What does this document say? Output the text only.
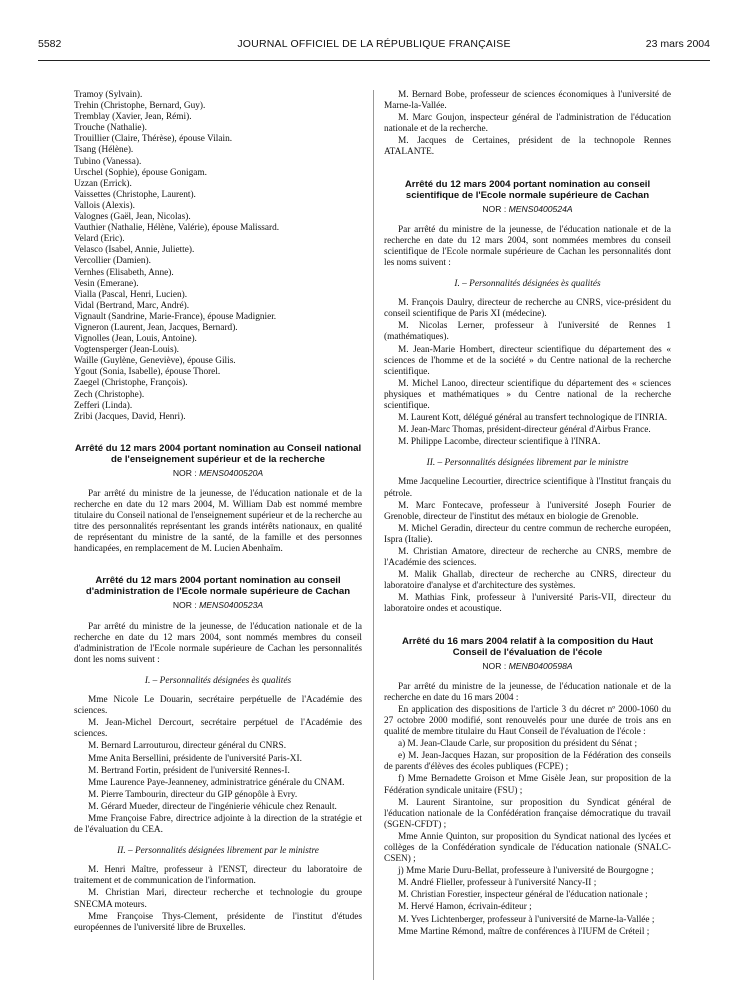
5582	JOURNAL OFFICIEL DE LA RÉPUBLIQUE FRANÇAISE	23 mars 2004
Tramoy (Sylvain).
Trehin (Christophe, Bernard, Guy).
Tremblay (Xavier, Jean, Rémi).
Trouche (Nathalie).
Trouillier (Claire, Thérèse), épouse Vilain.
Tsang (Hélène).
Tubino (Vanessa).
Urschel (Sophie), épouse Gonigam.
Uzzan (Errick).
Vaissettes (Christophe, Laurent).
Vallois (Alexis).
Valognes (Gaël, Jean, Nicolas).
Vauthier (Nathalie, Hélène, Valérie), épouse Malissard.
Velard (Eric).
Velasco (Isabel, Annie, Juliette).
Vercollier (Damien).
Vernhes (Elisabeth, Anne).
Vesin (Emerane).
Vialla (Pascal, Henri, Lucien).
Vidal (Bertrand, Marc, André).
Vignault (Sandrine, Marie-France), épouse Madignier.
Vigneron (Laurent, Jean, Jacques, Bernard).
Vignolles (Jean, Louis, Antoine).
Vogtensperger (Jean-Louis).
Waille (Guylène, Geneviève), épouse Gilis.
Ygout (Sonia, Isabelle), épouse Thorel.
Zaegel (Christophe, François).
Zech (Christophe).
Zefferi (Linda).
Zribi (Jacques, David, Henri).
Arrêté du 12 mars 2004 portant nomination au Conseil national de l'enseignement supérieur et de la recherche
NOR : MENS0400520A

Par arrêté du ministre de la jeunesse, de l'éducation nationale et de la recherche en date du 12 mars 2004, M. William Dab est nommé membre titulaire du Conseil national de l'enseignement supérieur et de la recherche au titre des personnalités représentant les grands intérêts nationaux, en qualité de représentant du ministre de la santé, de la famille et des personnes handicapées, en remplacement de M. Lucien Abenhaïm.

Arrêté du 12 mars 2004 portant nomination au conseil d'administration de l'Ecole normale supérieure de Cachan
NOR : MENS0400523A

Par arrêté du ministre de la jeunesse, de l'éducation nationale et de la recherche en date du 12 mars 2004, sont nommés membres du conseil d'administration de l'Ecole normale supérieure de Cachan les personnalités dont les noms suivent :

I. – Personnalités désignées ès qualités
Mme Nicole Le Douarin, secrétaire perpétuelle de l'Académie des sciences.
M. Jean-Michel Dercourt, secrétaire perpétuel de l'Académie des sciences.
M. Bernard Larrouturou, directeur général du CNRS.
Mme Anita Bersellini, présidente de l'université Paris-XI.
M. Bertrand Fortin, président de l'université Rennes-I.
Mme Laurence Paye-Jeanneney, administratrice générale du CNAM.
M. Pierre Tambourin, directeur du GIP génopôle à Evry.
M. Gérard Mueder, directeur de l'ingénierie véhicule chez Renault.
Mme Françoise Fabre, directrice adjointe à la direction de la stratégie et de l'évaluation du CEA.
II. – Personnalités désignées librement par le ministre
M. Henri Maître, professeur à l'ENST, directeur du laboratoire de traitement et de communication de l'information.
M. Christian Mari, directeur recherche et technologie du groupe SNECMA moteurs.
Mme Françoise Thys-Clement, présidente de l'institut d'études européennes de l'université libre de Bruxelles.
M. Bernard Bobe, professeur de sciences économiques à l'université de Marne-la-Vallée.
M. Marc Goujon, inspecteur général de l'administration de l'éducation nationale et de la recherche.
M. Jacques de Certaines, président de la technopole Rennes ATALANTE.
Arrêté du 12 mars 2004 portant nomination au conseil scientifique de l'Ecole normale supérieure de Cachan
NOR : MENS0400524A

Par arrêté du ministre de la jeunesse, de l'éducation nationale et de la recherche en date du 12 mars 2004, sont nommées membres du conseil scientifique de l'Ecole normale supérieure de Cachan les personnalités dont les noms suivent :

I. – Personnalités désignées ès qualités
M. François Daulry, directeur de recherche au CNRS, vice-président du conseil scientifique de Paris XI (médecine).
M. Nicolas Lerner, professeur à l'université de Rennes 1 (mathématiques).
M. Jean-Marie Hombert, directeur scientifique du département des « sciences de l'homme et de la société » du Centre national de la recherche scientifique.
M. Michel Lanoo, directeur scientifique du département des « sciences physiques et mathématiques » du Centre national de la recherche scientifique.
M. Laurent Kott, délégué général au transfert technologique de l'INRIA.
M. Jean-Marc Thomas, président-directeur général d'Airbus France.
M. Philippe Lacombe, directeur scientifique à l'INRA.
II. – Personnalités désignées librement par le ministre
Mme Jacqueline Lecourtier, directrice scientifique à l'Institut français du pétrole.
M. Marc Fontecave, professeur à l'université Joseph Fourier de Grenoble, directeur de l'institut des métaux en biologie de Grenoble.
M. Michel Geradin, directeur du centre commun de recherche européen, Ispra (Italie).
M. Christian Amatore, directeur de recherche au CNRS, membre de l'Académie des sciences.
M. Malik Ghallab, directeur de recherche au CNRS, directeur du laboratoire d'analyse et d'architecture des systèmes.
M. Mathias Fink, professeur à l'université Paris-VII, directeur du laboratoire ondes et acoustique.
Arrêté du 16 mars 2004 relatif à la composition du Haut Conseil de l'évaluation de l'école
NOR : MENB0400598A

Par arrêté du ministre de la jeunesse, de l'éducation nationale et de la recherche en date du 16 mars 2004 :

En application des dispositions de l'article 3 du décret nº 2000-1060 du 27 octobre 2000 modifié, sont renouvelés pour une durée de trois ans en qualité de membre titulaire du Haut Conseil de l'évaluation de l'école :

a) M. Jean-Claude Carle, sur proposition du président du Sénat ;
e) M. Jean-Jacques Hazan, sur proposition de la Fédération des conseils de parents d'élèves des écoles publiques (FCPE) ;
f) Mme Bernadette Groison et Mme Gisèle Jean, sur proposition de la Fédération syndicale unitaire (FSU) ;
M. Laurent Sirantoine, sur proposition du Syndicat général de l'éducation nationale de la Confédération française démocratique du travail (SGEN-CFDT) ;
Mme Annie Quinton, sur proposition du Syndicat national des lycées et collèges de la Confédération syndicale de l'éducation nationale (SNALC-CSEN) ;
j) Mme Marie Duru-Bellat, professeure à l'université de Bourgogne ;
M. André Flieller, professeur à l'université Nancy-II ;
M. Christian Forestier, inspecteur général de l'éducation nationale ;
M. Hervé Hamon, écrivain-éditeur ;
M. Yves Lichtenberger, professeur à l'université de Marne-la-Vallée ;
Mme Martine Rémond, maître de conférences à l'IUFM de Créteil ;
